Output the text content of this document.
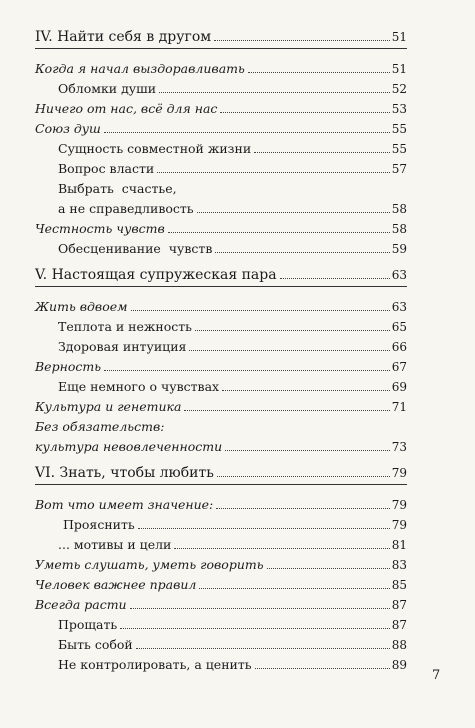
IV. Найти себя в другом	51
Когда я начал выздоравливать	51
Обломки души	52
Ничего от нас, всё для нас	53
Союз душ	55
Сущность совместной жизни	55
Вопрос власти	57
Выбрать  счастье,
а не справедливость	58
Честность чувств	58
Обесценивание  чувств	59
V. Настоящая супружеская пара	63
Жить вдвоем	63
Теплота и нежность	65
Здоровая интуиция	66
Верность	67
Еще немного о чувствах	69
Культура и генетика	71
Без обязательств:
культура невовлеченности	73
VI. Знать, чтобы любить	79
Вот что имеет значение:	79
Прояснить	79
... мотивы и цели	81
Уметь слушать, уметь говорить	83
Человек важнее правил	85
Всегда расти	87
Прощать	87
Быть собой	88
Не контролировать, а ценить	89
7
